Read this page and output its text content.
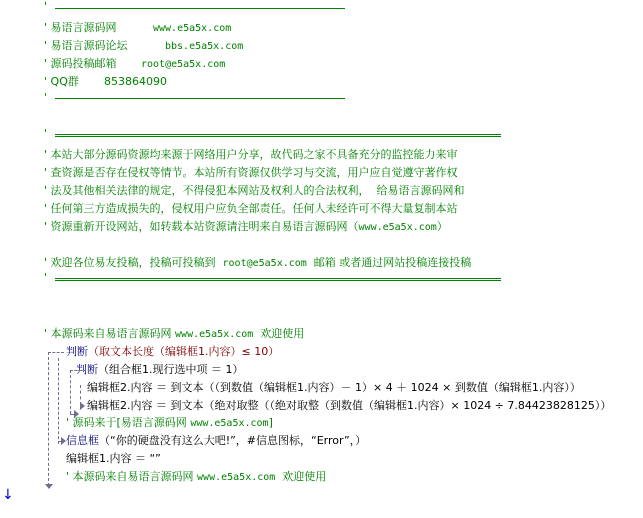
'
' 易语言源码网	www.e5a5x.com
' 易语言源码论坛	bbs.e5a5x.com
' 源码投稿邮箱 root@e5a5x.com
' QQ群 853864090
'
'
' 本站大部分源码资源均来源于网络用户分享，故代码之家不具备充分的监控能力来审
' 查资源是否存在侵权等情节。本站所有资源仅供学习与交流，用户应自觉遵守著作权
' 法及其他相关法律的规定，不得侵犯本网站及权利人的合法权利，  给易语言源码网和
' 任何第三方造成损失的，侵权用户应负全部责任。任何人未经许可不得大量复制本站
' 资源重新开设网站，如转载本站资源请注明来自易语言源码网（www.e5a5x.com）
' 欢迎各位易友投稿，投稿可投稿到  root@e5a5x.com  邮箱 或者通过网站投稿连接投稿
'
' 本源码来自易语言源码网 www.e5a5x.com  欢迎使用
判断（取文本长度（编辑框1.内容）≤ 10）
判断（组合框1.现行选中项 ＝ 1）
编辑框2.内容 ＝ 到文本（（到数值（编辑框1.内容）－ 1）× 4 ＋ 1024 × 到数值（编辑框1.内容））
编辑框2.内容 ＝ 到文本（绝对取整（（绝对取整（到数值（编辑框1.内容）× 1024 ÷ 7.84423828125））
' 源码来于[易语言源码网 www.e5a5x.com]
信息框（“你的硬盘没有这么大吧!”，#信息图标，“Error”，）
编辑框1.内容 ＝ “”
' 本源码来自易语言源码网 www.e5a5x.com  欢迎使用
↓
